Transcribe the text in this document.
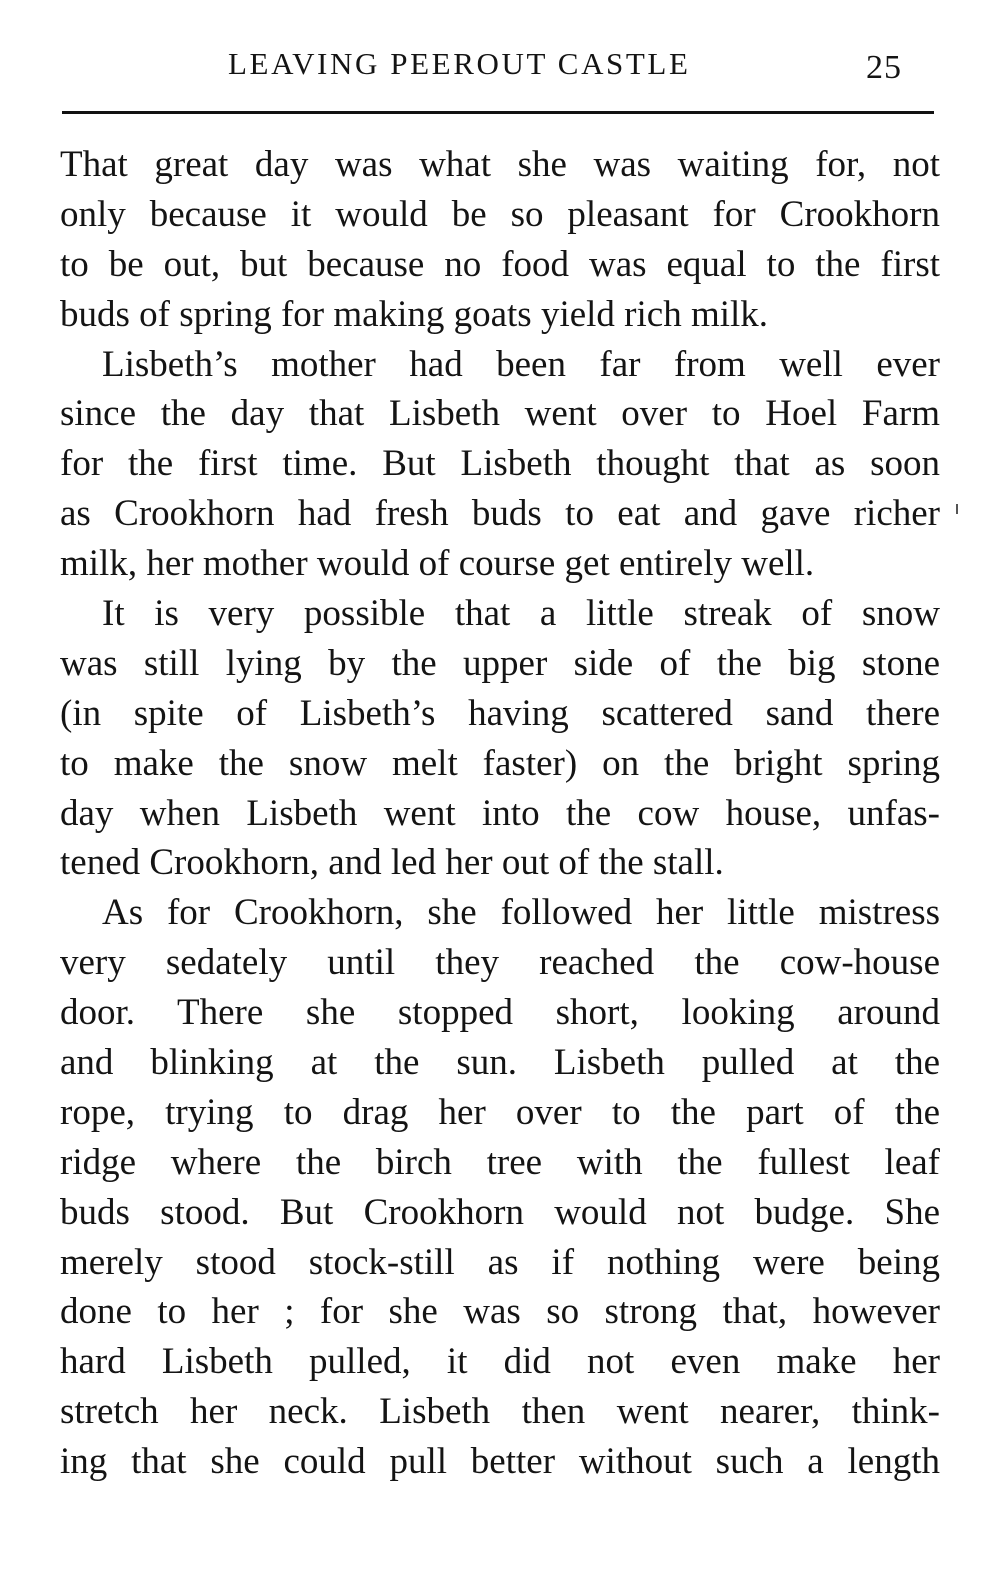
LEAVING PEEROUT CASTLE	25

That great day was what she was waiting for, not
only because it would be so pleasant for Crookhorn
to be out, but because no food was equal to the first
buds of spring for making goats yield rich milk.

Lisbeth’s mother had been far from well ever
since the day that Lisbeth went over to Hoel Farm
for the first time. But Lisbeth thought that as soon
as Crookhorn had fresh buds to eat and gave richer
milk, her mother would of course get entirely well.

It is very possible that a little streak of snow
was still lying by the upper side of the big stone
(in spite of Lisbeth’s having scattered sand there
to make the snow melt faster) on the bright spring
day when Lisbeth went into the cow house, unfas-
tened Crookhorn, and led her out of the stall.

As for Crookhorn, she followed her little mistress
very sedately until they reached the cow-house
door. There she stopped short, looking around
and blinking at the sun. Lisbeth pulled at the
rope, trying to drag her over to the part of the
ridge where the birch tree with the fullest leaf
buds stood. But Crookhorn would not budge. She
merely stood stock-still as if nothing were being
done to her ; for she was so strong that, however
hard Lisbeth pulled, it did not even make her
stretch her neck. Lisbeth then went nearer, think-
ing that she could pull better without such a length
